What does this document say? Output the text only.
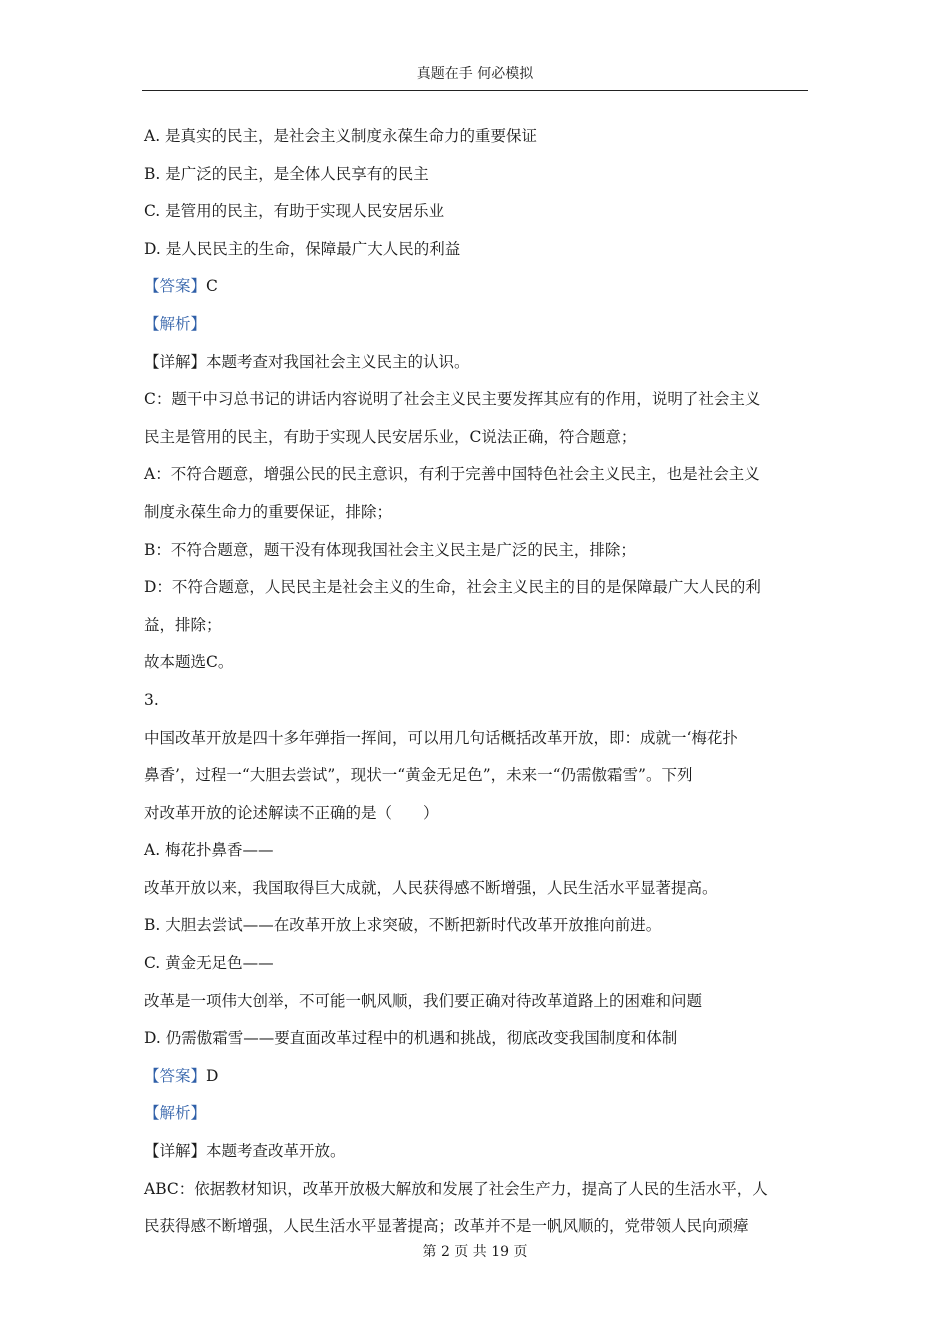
真题在手 何必模拟
A. 是真实的民主，是社会主义制度永葆生命力的重要保证
B. 是广泛的民主，是全体人民享有的民主
C. 是管用的民主，有助于实现人民安居乐业
D. 是人民民主的生命，保障最广大人民的利益
【答案】C
【解析】
【详解】本题考查对我国社会主义民主的认识。
C：题干中习总书记的讲话内容说明了社会主义民主要发挥其应有的作用，说明了社会主义
民主是管用的民主，有助于实现人民安居乐业，C说法正确，符合题意；
A：不符合题意，增强公民的民主意识，有利于完善中国特色社会主义民主，也是社会主义
制度永葆生命力的重要保证，排除；
B：不符合题意，题干没有体现我国社会主义民主是广泛的民主，排除；
D：不符合题意，人民民主是社会主义的生命，社会主义民主的目的是保障最广大人民的利
益，排除；
故本题选C。
3.
中国改革开放是四十多年弹指一挥间，可以用几句话概括改革开放，即：成就一‘梅花扑
鼻香’，过程一“大胆去尝试”，现状一“黄金无足色”，未来一“仍需傲霜雪”。下列
对改革开放的论述解读不正确的是（　　）
A. 梅花扑鼻香——
改革开放以来，我国取得巨大成就，人民获得感不断增强，人民生活水平显著提高。
B. 大胆去尝试——在改革开放上求突破，不断把新时代改革开放推向前进。
C. 黄金无足色——
改革是一项伟大创举，不可能一帆风顺，我们要正确对待改革道路上的困难和问题
D. 仍需傲霜雪——要直面改革过程中的机遇和挑战，彻底改变我国制度和体制
【答案】D
【解析】
【详解】本题考查改革开放。
ABC：依据教材知识，改革开放极大解放和发展了社会生产力，提高了人民的生活水平，人
民获得感不断增强，人民生活水平显著提高；改革并不是一帆风顺的，党带领人民向顽瘴
第 2 页 共 19 页
